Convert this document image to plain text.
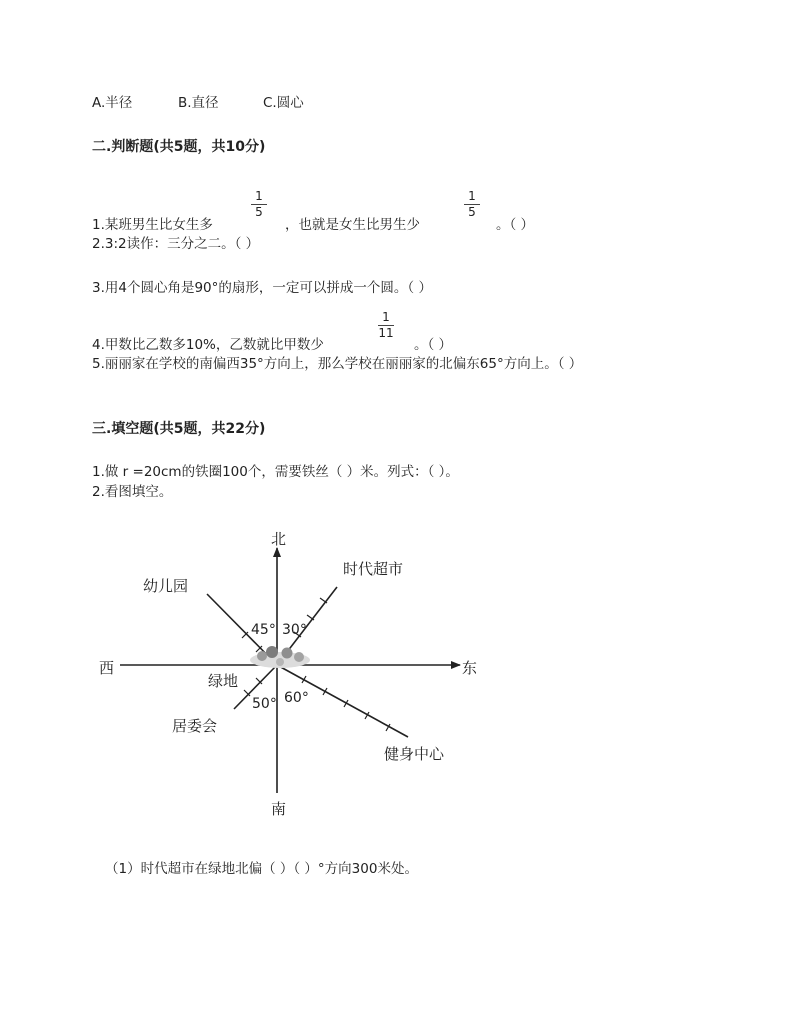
A.半径	B.直径	C.圆心
二.判断题(共5题，共10分)
1
5
1
5
1.某班男生比女生多	，也就是女生比男生少	。（ ）
2.3:2读作：三分之二。（ ）
3.用4个圆心角是90°的扇形，一定可以拼成一个圆。（ ）
1
11
4.甲数比乙数多10%，乙数就比甲数少	。（ ）
5.丽丽家在学校的南偏西35°方向上，那么学校在丽丽家的北偏东65°方向上。（ ）
三.填空题(共5题，共22分)
1.做 r =20cm的铁圈100个，需要铁丝（ ）米。列式：（ ）。
2.看图填空。
北
南
东
西
时代超市
幼儿园
居委会
健身中心
绿地
45° 30°
50° 60°
（1）时代超市在绿地北偏（ ）（ ）°方向300米处。
